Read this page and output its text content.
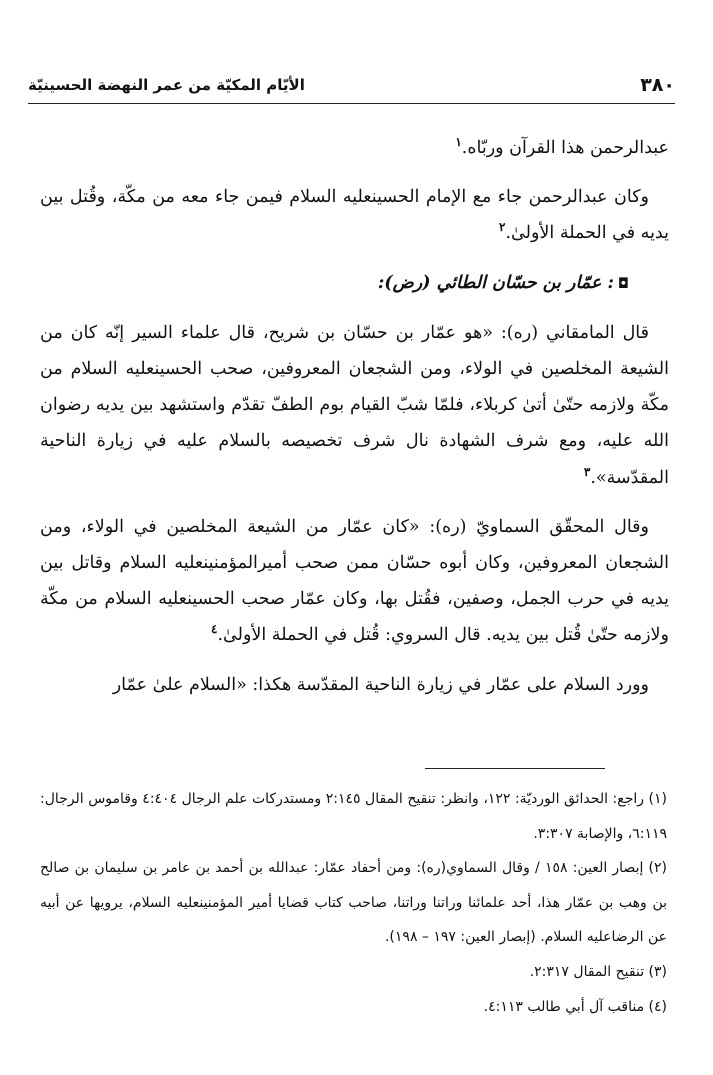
٣٨٠
الأيّام المكيّة من عمر النهضة الحسينيّة

عبدالرحمن هذا القرآن وربّاه.$^١$

وكان عبدالرحمن جاء مع الإمام الحسينعليه السلام فيمن جاء معه من مكّة، وقُتل بين يديه في الحملة الأولىٰ.$^٢$

◘: عمّار بن حسّان الطائي (رض):

قال المامقاني (ره): «هو عمّار بن حسّان بن شريح، قال علماء السير إنّه كان من الشيعة المخلصين في الولاء، ومن الشجعان المعروفين، صحب الحسينعليه السلام من مكّة ولازمه حتّىٰ أتىٰ كربلاء، فلمّا شبّ القيام بوم الطفّ تقدّم واستشهد بين يديه رضوان الله عليه، ومع شرف الشهادة نال شرف تخصيصه بالسلام عليه في زيارة الناحية المقدّسة».$^٣$

وقال المحقّق السماويّ (ره): «كان عمّار من الشيعة المخلصين في الولاء، ومن الشجعان المعروفين، وكان أبوه حسّان ممن صحب أميرالمؤمنينعليه السلام وقاتل بين يديه في حرب الجمل، وصفين، فقُتل بها، وكان عمّار صحب الحسينعليه السلام من مكّة ولازمه حتّىٰ قُتل بين يديه. قال السروي: قُتل في الحملة الأولىٰ.$^٤$

وورد السلام على عمّار في زيارة الناحية المقدّسة هكذا: «السلام علىٰ عمّار

(١) راجع: الحدائق الورديّة: ١٢٢، وانظر: تنقيح المقال ٢:١٤٥ ومستدركات علم الرجال ٤:٤٠٤ وقاموس الرجال: ٦:١١٩، والإصابة ٣:٣٠٧.

(٢) إبصار العين: ١٥٨ / وقال السماوي(ره): ومن أحفاد عمّار: عبدالله بن أحمد بن عامر بن سليمان بن صالح بن وهب بن عمّار هذا، أحد علمائنا وراتنا وراتنا، صاحب كتاب قضايا أمير المؤمنينعليه السلام، يرويها عن أبيه عن الرضاعليه السلام. (إبصار العين: ١٩٧ – ١٩٨).

(٣) تنقيح المقال ٢:٣١٧.

(٤) مناقب آل أبي طالب ٤:١١٣.
